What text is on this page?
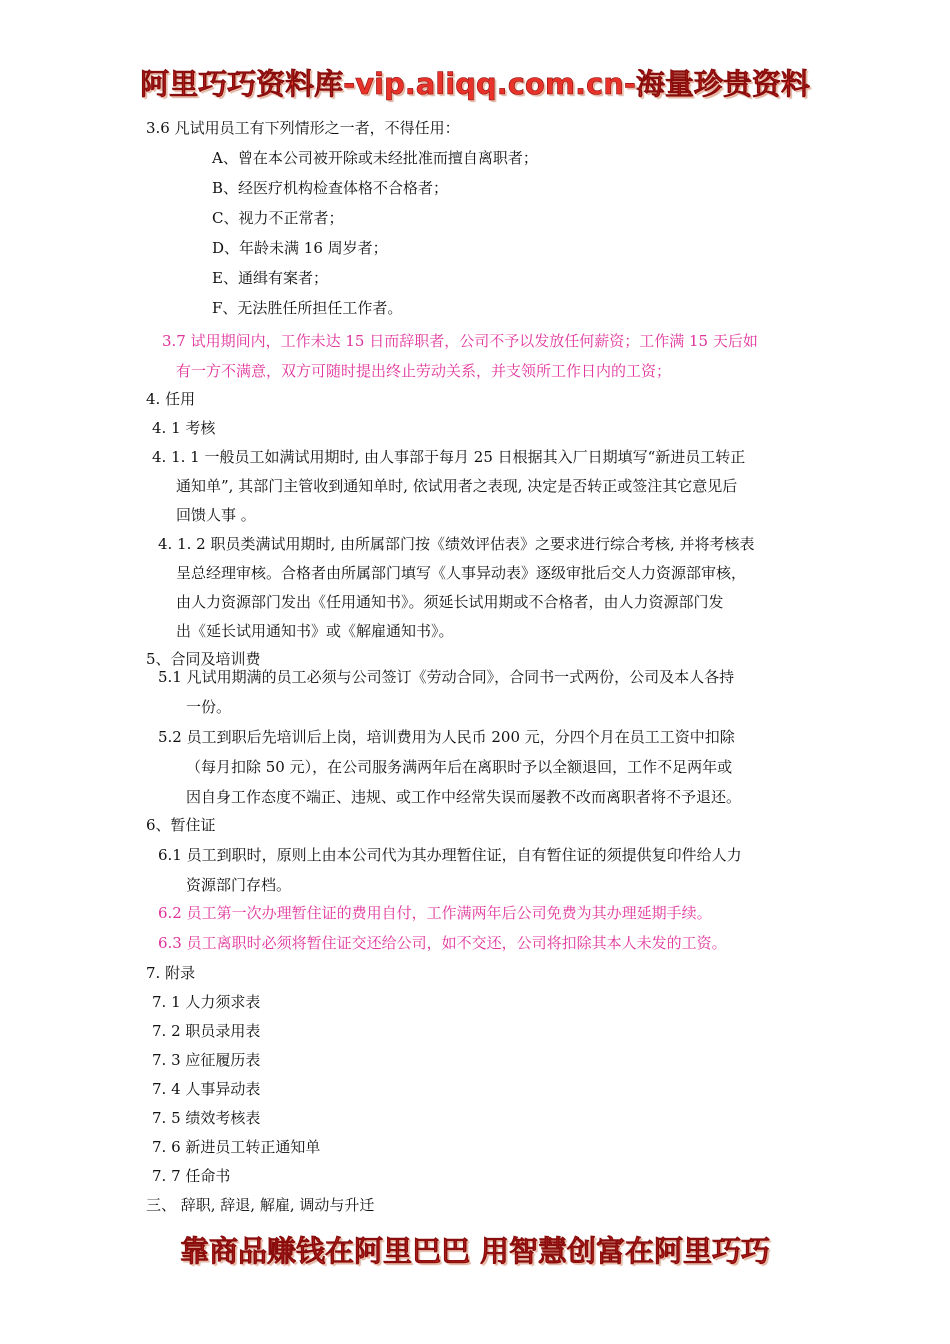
阿里巧巧资料库-vip.aliqq.com.cn-海量珍贵资料
3.6 凡试用员工有下列情形之一者，不得任用：
A、曾在本公司被开除或未经批准而擅自离职者；
B、经医疗机构检查体格不合格者；
C、视力不正常者；
D、年龄未满 16 周岁者；
E、通缉有案者；
F、无法胜任所担任工作者。
3.7 试用期间内，工作未达 15 日而辞职者，公司不予以发放任何薪资；工作满 15 天后如
有一方不满意，双方可随时提出终止劳动关系，并支领所工作日内的工资；
4. 任用
4. 1 考核
4. 1. 1 一般员工如满试用期时, 由人事部于每月 25 日根据其入厂日期填写“新进员工转正
通知单”, 其部门主管收到通知单时, 依试用者之表现, 决定是否转正或签注其它意见后
回馈人事 。
4. 1. 2 职员类满试用期时, 由所属部门按《绩效评估表》之要求进行综合考核, 并将考核表
呈总经理审核。合格者由所属部门填写《人事异动表》逐级审批后交人力资源部审核，
由人力资源部门发出《任用通知书》。须延长试用期或不合格者，由人力资源部门发
出《延长试用通知书》或《解雇通知书》。
5、合同及培训费
5.1 凡试用期满的员工必须与公司签订《劳动合同》，合同书一式两份，公司及本人各持
一份。
5.2 员工到职后先培训后上岗，培训费用为人民币 200 元，分四个月在员工工资中扣除
（每月扣除 50 元），在公司服务满两年后在离职时予以全额退回，工作不足两年或
因自身工作态度不端正、违规、或工作中经常失误而屡教不改而离职者将不予退还。
6、暂住证
6.1 员工到职时，原则上由本公司代为其办理暂住证，自有暂住证的须提供复印件给人力
资源部门存档。
6.2 员工第一次办理暂住证的费用自付，工作满两年后公司免费为其办理延期手续。
6.3 员工离职时必须将暂住证交还给公司，如不交还，公司将扣除其本人未发的工资。
7. 附录
7. 1 人力须求表
7. 2 职员录用表
7. 3 应征履历表
7. 4 人事异动表
7. 5 绩效考核表
7. 6 新进员工转正通知单
7. 7 任命书
三、 辞职, 辞退, 解雇, 调动与升迁
靠商品赚钱在阿里巴巴 用智慧创富在阿里巧巧
